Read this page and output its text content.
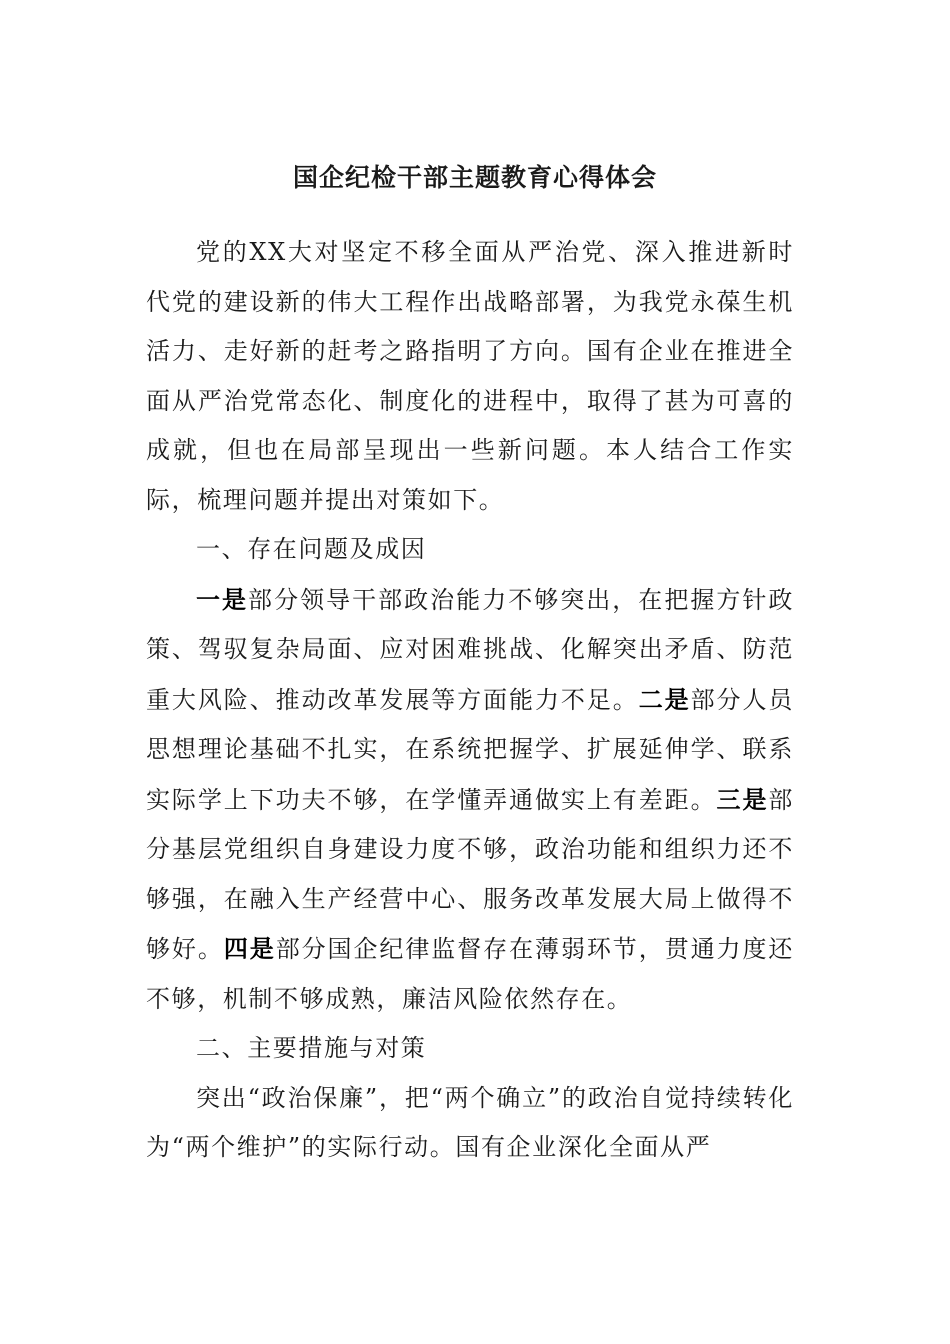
国企纪检干部主题教育心得体会

党的XX大对坚定不移全面从严治党、深入推进新时代党的建设新的伟大工程作出战略部署，为我党永葆生机活力、走好新的赶考之路指明了方向。国有企业在推进全面从严治党常态化、制度化的进程中，取得了甚为可喜的成就，但也在局部呈现出一些新问题。本人结合工作实际，梳理问题并提出对策如下。

一、存在问题及成因

一是部分领导干部政治能力不够突出，在把握方针政策、驾驭复杂局面、应对困难挑战、化解突出矛盾、防范重大风险、推动改革发展等方面能力不足。二是部分人员思想理论基础不扎实，在系统把握学、扩展延伸学、联系实际学上下功夫不够，在学懂弄通做实上有差距。三是部分基层党组织自身建设力度不够，政治功能和组织力还不够强，在融入生产经营中心、服务改革发展大局上做得不够好。四是部分国企纪律监督存在薄弱环节，贯通力度还不够，机制不够成熟，廉洁风险依然存在。

二、主要措施与对策

突出“政治保廉”，把“两个确立”的政治自觉持续转化为“两个维护”的实际行动。国有企业深化全面从严
